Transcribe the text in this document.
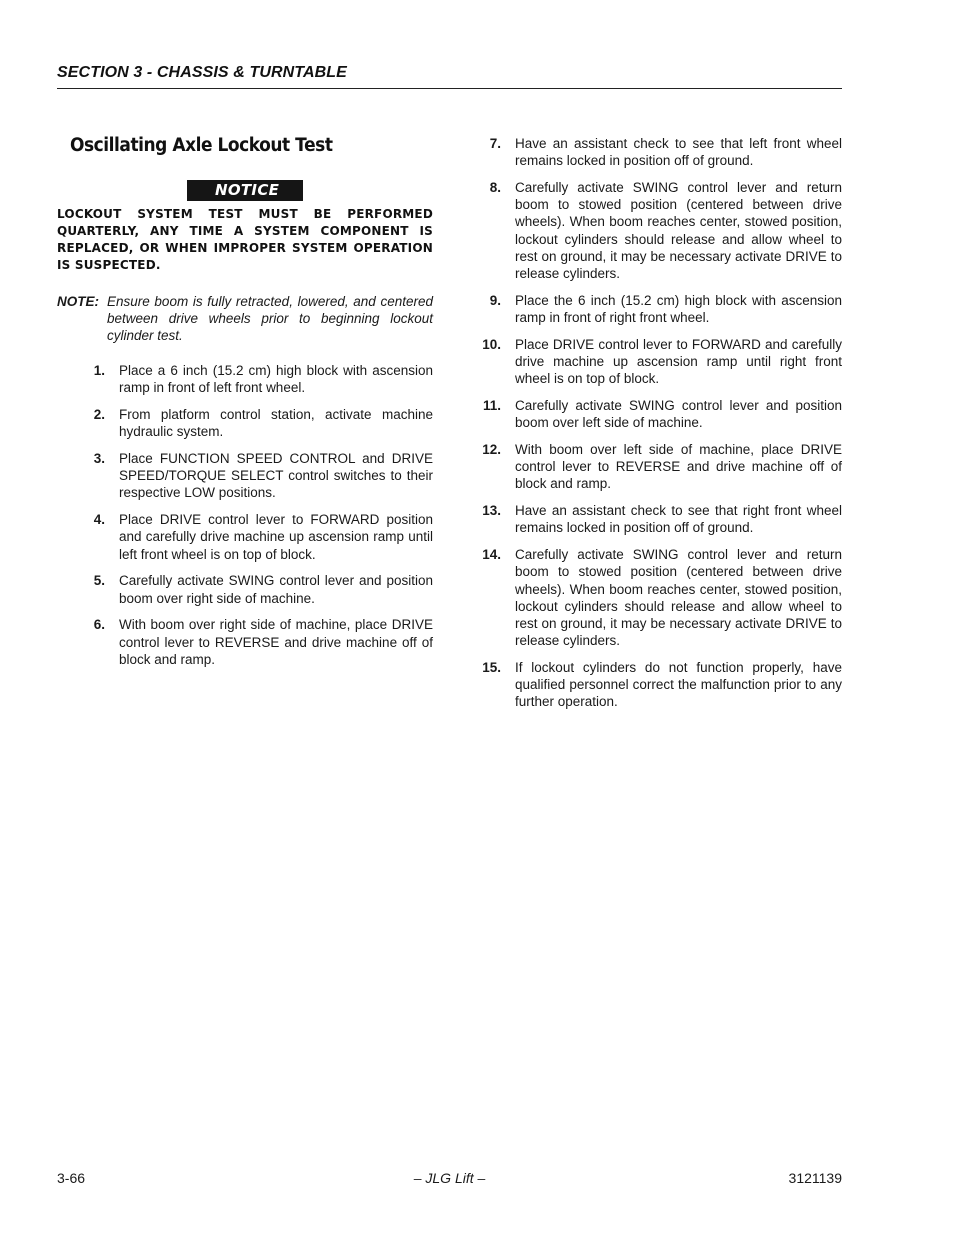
SECTION 3 - CHASSIS & TURNTABLE
Oscillating Axle Lockout Test
NOTICE
LOCKOUT SYSTEM TEST MUST BE PERFORMED QUARTERLY, ANY TIME A SYSTEM COMPONENT IS REPLACED, OR WHEN IMPROPER SYSTEM OPERATION IS SUSPECTED.
NOTE: Ensure boom is fully retracted, lowered, and centered between drive wheels prior to beginning lockout cylinder test.
1. Place a 6 inch (15.2 cm) high block with ascension ramp in front of left front wheel.
2. From platform control station, activate machine hydraulic system.
3. Place FUNCTION SPEED CONTROL and DRIVE SPEED/TORQUE SELECT control switches to their respective LOW positions.
4. Place DRIVE control lever to FORWARD position and carefully drive machine up ascension ramp until left front wheel is on top of block.
5. Carefully activate SWING control lever and position boom over right side of machine.
6. With boom over right side of machine, place DRIVE control lever to REVERSE and drive machine off of block and ramp.
7. Have an assistant check to see that left front wheel remains locked in position off of ground.
8. Carefully activate SWING control lever and return boom to stowed position (centered between drive wheels). When boom reaches center, stowed position, lockout cylinders should release and allow wheel to rest on ground, it may be necessary activate DRIVE to release cylinders.
9. Place the 6 inch (15.2 cm) high block with ascension ramp in front of right front wheel.
10. Place DRIVE control lever to FORWARD and carefully drive machine up ascension ramp until right front wheel is on top of block.
11. Carefully activate SWING control lever and position boom over left side of machine.
12. With boom over left side of machine, place DRIVE control lever to REVERSE and drive machine off of block and ramp.
13. Have an assistant check to see that right front wheel remains locked in position off of ground.
14. Carefully activate SWING control lever and return boom to stowed position (centered between drive wheels). When boom reaches center, stowed position, lockout cylinders should release and allow wheel to rest on ground, it may be necessary activate DRIVE to release cylinders.
15. If lockout cylinders do not function properly, have qualified personnel correct the malfunction prior to any further operation.
3-66	– JLG Lift –	3121139
